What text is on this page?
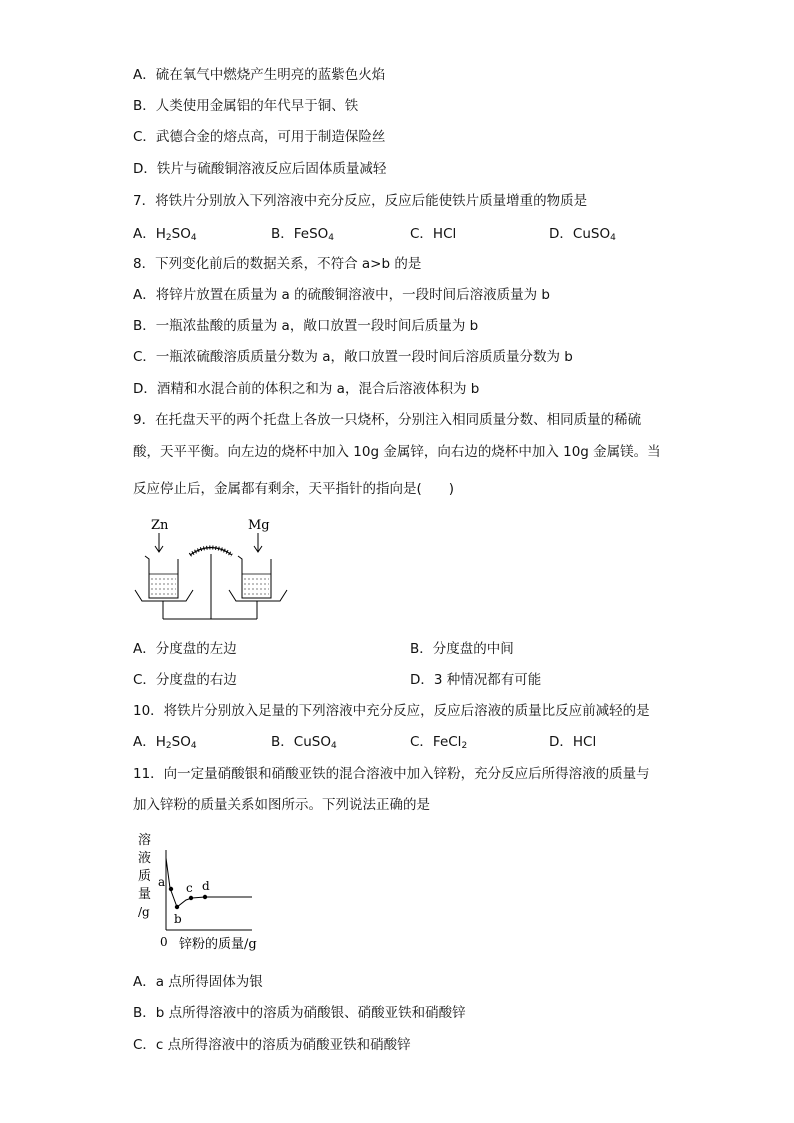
A．硫在氧气中燃烧产生明亮的蓝紫色火焰
B．人类使用金属铝的年代早于铜、铁
C．武德合金的熔点高，可用于制造保险丝
D．铁片与硫酸铜溶液反应后固体质量减轻
7．将铁片分别放入下列溶液中充分反应，反应后能使铁片质量增重的物质是
A．$H_2SO_4$	B．FeSO$_4$	C．HCl	D．CuSO$_4$
8．下列变化前后的数据关系，不符合 a>b 的是
A．将锌片放置在质量为 a 的硫酸铜溶液中，一段时间后溶液质量为 b
B．一瓶浓盐酸的质量为 a，敞口放置一段时间后质量为 b
C．一瓶浓硫酸溶质质量分数为 a，敞口放置一段时间后溶质质量分数为 b
D．酒精和水混合前的体积之和为 a，混合后溶液体积为 b
9．在托盘天平的两个托盘上各放一只烧杯，分别注入相同质量分数、相同质量的稀硫
酸，天平平衡。向左边的烧杯中加入 10g 金属锌，向右边的烧杯中加入 10g 金属镁。当
反应停止后，金属都有剩余，天平指针的指向是(　　)
Zn	Mg
A．分度盘的左边	B．分度盘的中间
C．分度盘的右边	D．3 种情况都有可能
10．将铁片分别放入足量的下列溶液中充分反应，反应后溶液的质量比反应前减轻的是
A．$H_2SO_4$	B．CuSO$_4$	C．FeCl$_2$	D．HCl
11．向一定量硝酸银和硝酸亚铁的混合溶液中加入锌粉，充分反应后所得溶液的质量与
加入锌粉的质量关系如图所示。下列说法正确的是
溶
液
质
量
/g
0 锌粉的质量/g
a
b
c d
A．a 点所得固体为银
B．b 点所得溶液中的溶质为硝酸银、硝酸亚铁和硝酸锌
C．c 点所得溶液中的溶质为硝酸亚铁和硝酸锌
